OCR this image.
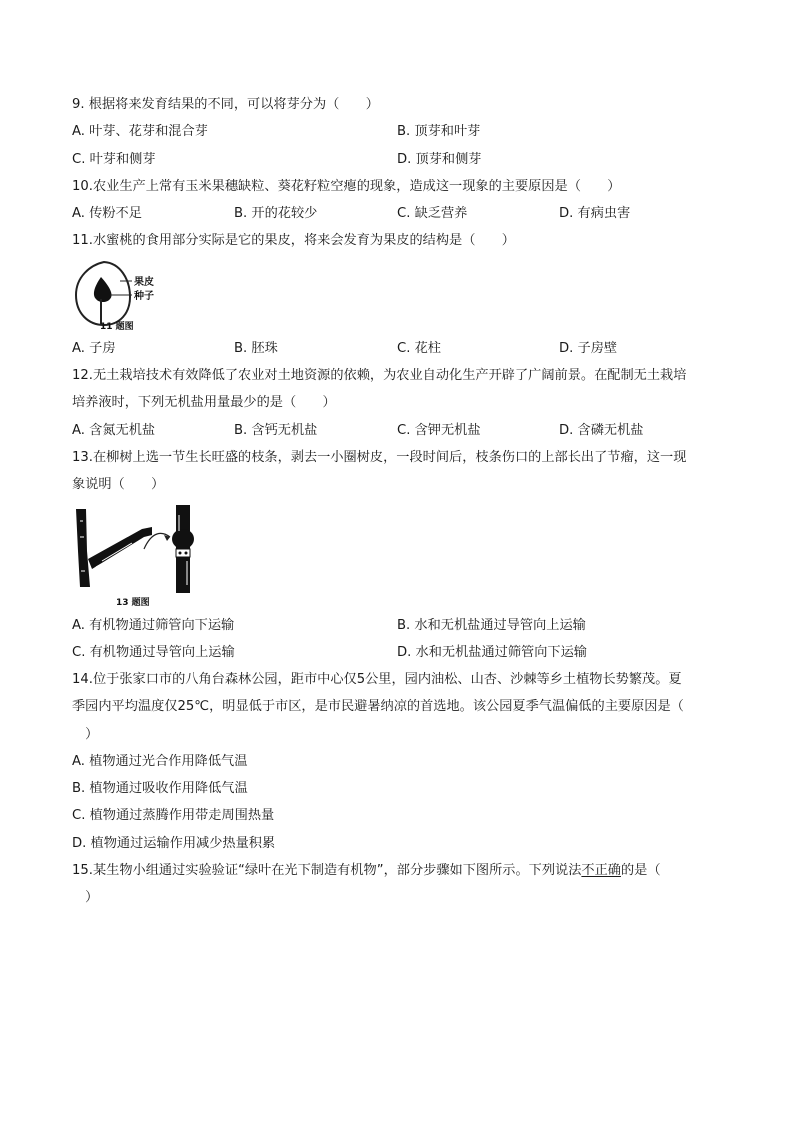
9. 根据将来发育结果的不同，可以将芽分为（　　）
A. 叶芽、花芽和混合芽	B. 顶芽和叶芽
C. 叶芽和侧芽	D. 顶芽和侧芽
10.农业生产上常有玉米果穗缺粒、葵花籽粒空瘪的现象，造成这一现象的主要原因是（　　）
A. 传粉不足	B. 开的花较少	C. 缺乏营养	D. 有病虫害
11.水蜜桃的食用部分实际是它的果皮，将来会发育为果皮的结构是（　　）
果皮
种子
11 题图
A. 子房	B. 胚珠	C. 花柱	D. 子房壁
12.无土栽培技术有效降低了农业对土地资源的依赖，为农业自动化生产开辟了广阔前景。在配制无土栽培
培养液时，下列无机盐用量最少的是（　　）
A. 含氮无机盐	B. 含钙无机盐	C. 含钾无机盐	D. 含磷无机盐
13.在柳树上选一节生长旺盛的枝条，剥去一小圈树皮，一段时间后，枝条伤口的上部长出了节瘤，这一现
象说明（　　）
13 题图
A. 有机物通过筛管向下运输	B. 水和无机盐通过导管向上运输
C. 有机物通过导管向上运输	D. 水和无机盐通过筛管向下运输
14.位于张家口市的八角台森林公园，距市中心仅5公里，园内油松、山杏、沙棘等乡土植物长势繁茂。夏
季园内平均温度仅25℃，明显低于市区，是市民避暑纳凉的首选地。该公园夏季气温偏低的主要原因是（
　）
A. 植物通过光合作用降低气温
B. 植物通过吸收作用降低气温
C. 植物通过蒸腾作用带走周围热量
D. 植物通过运输作用减少热量积累
15.某生物小组通过实验验证“绿叶在光下制造有机物”，部分步骤如下图所示。下列说法不正确的是（
　）
